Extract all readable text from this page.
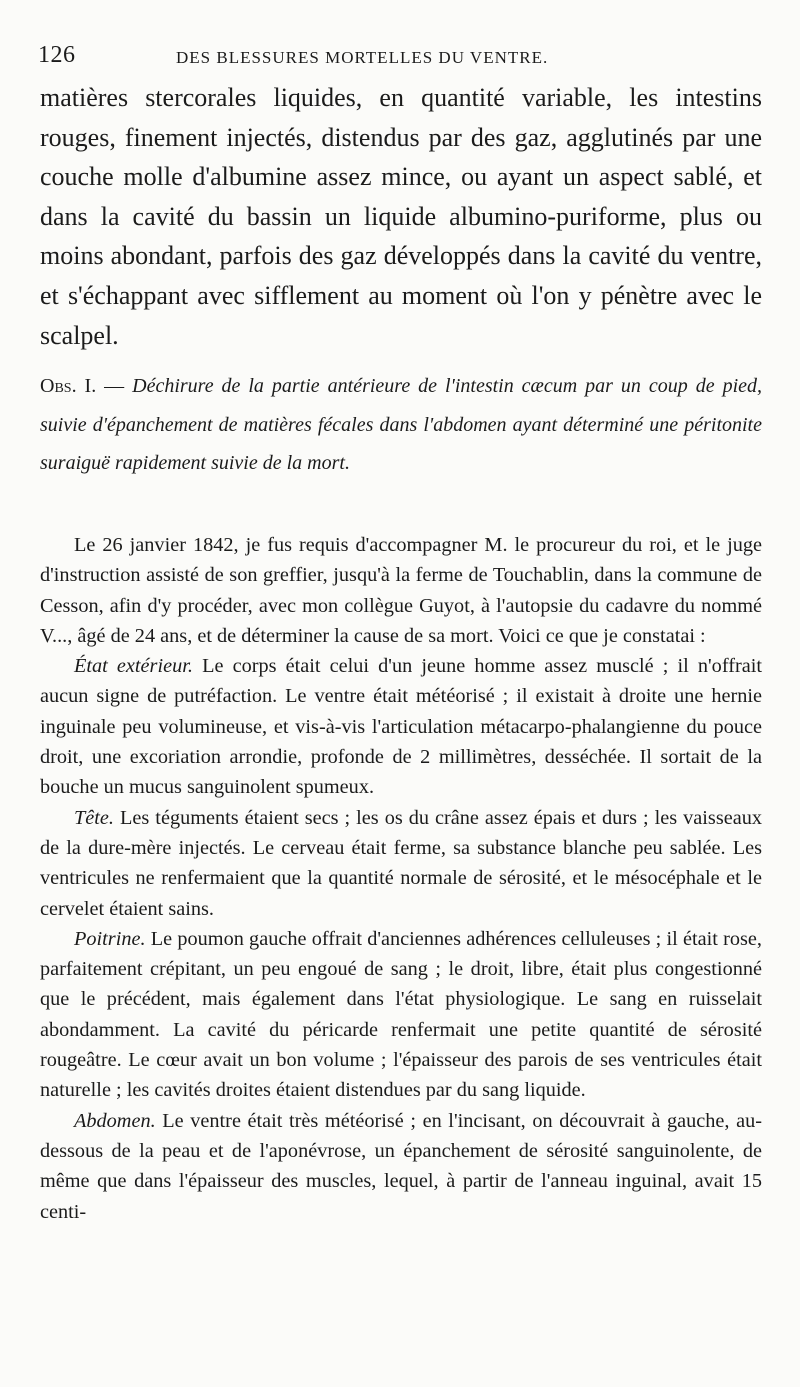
126	DES BLESSURES MORTELLES DU VENTRE.
matières stercorales liquides, en quantité variable, les intestins rouges, finement injectés, distendus par des gaz, agglutinés par une couche molle d'albumine assez mince, ou ayant un aspect sablé, et dans la cavité du bassin un liquide albumino-puriforme, plus ou moins abondant, parfois des gaz développés dans la cavité du ventre, et s'échappant avec sifflement au moment où l'on y pénètre avec le scalpel.
Obs. I. — Déchirure de la partie antérieure de l'intestin cæcum par un coup de pied, suivie d'épanchement de matières fécales dans l'abdomen ayant déterminé une péritonite suraiguë rapidement suivie de la mort.

Le 26 janvier 1842, je fus requis d'accompagner M. le procureur du roi, et le juge d'instruction assisté de son greffier, jusqu'à la ferme de Touchablin, dans la commune de Cesson, afin d'y procéder, avec mon collègue Guyot, à l'autopsie du cadavre du nommé V..., âgé de 24 ans, et de déterminer la cause de sa mort. Voici ce que je constatai :

État extérieur. Le corps était celui d'un jeune homme assez musclé ; il n'offrait aucun signe de putréfaction. Le ventre était météorisé ; il existait à droite une hernie inguinale peu volumineuse, et vis-à-vis l'articulation métacarpo-phalangienne du pouce droit, une excoriation arrondie, profonde de 2 millimètres, desséchée. Il sortait de la bouche un mucus sanguinolent spumeux.

Tête. Les téguments étaient secs ; les os du crâne assez épais et durs ; les vaisseaux de la dure-mère injectés. Le cerveau était ferme, sa substance blanche peu sablée. Les ventricules ne renfermaient que la quantité normale de sérosité, et le mésocéphale et le cervelet étaient sains.

Poitrine. Le poumon gauche offrait d'anciennes adhérences celluleuses ; il était rose, parfaitement crépitant, un peu engoué de sang ; le droit, libre, était plus congestionné que le précédent, mais également dans l'état physiologique. Le sang en ruisselait abondamment. La cavité du péricarde renfermait une petite quantité de sérosité rougeâtre. Le cœur avait un bon volume ; l'épaisseur des parois de ses ventricules était naturelle ; les cavités droites étaient distendues par du sang liquide.

Abdomen. Le ventre était très météorisé ; en l'incisant, on découvrait à gauche, au-dessous de la peau et de l'aponévrose, un épanchement de sérosité sanguinolente, de même que dans l'épaisseur des muscles, lequel, à partir de l'anneau inguinal, avait 15 centi-
